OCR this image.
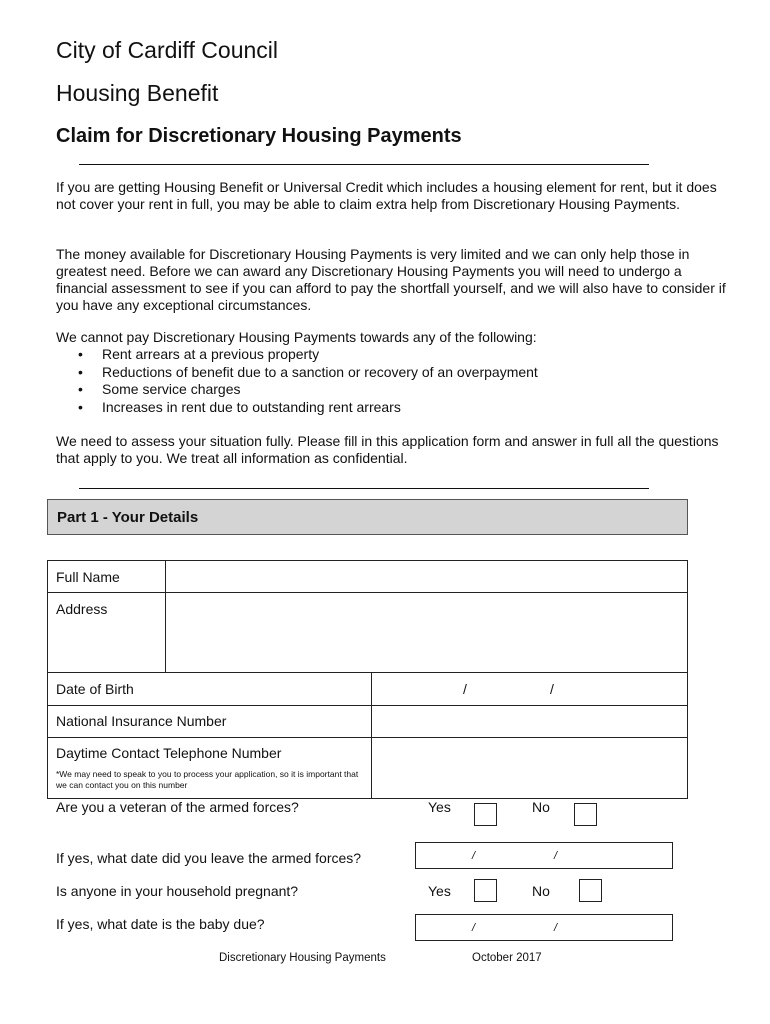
City of Cardiff Council
Housing Benefit
Claim for Discretionary Housing Payments

If you are getting Housing Benefit or Universal Credit which includes a housing element for rent, but it does not cover your rent in full, you may be able to claim extra help from Discretionary Housing Payments.

The money available for Discretionary Housing Payments is very limited and we can only help those in greatest need. Before we can award any Discretionary Housing Payments you will need to undergo a financial assessment to see if you can afford to pay the shortfall yourself, and we will also have to consider if you have any exceptional circumstances.

We cannot pay Discretionary Housing Payments towards any of the following:

• Rent arrears at a previous property
• Reductions of benefit due to a sanction or recovery of an overpayment
• Some service charges
• Increases in rent due to outstanding rent arrears

We need to assess your situation fully. Please fill in this application form and answer in full all the questions that apply to you. We treat all information as confidential.

Part 1 - Your Details
Full Name
Address
Date of Birth	/	/
National Insurance Number
Daytime Contact Telephone Number
*We may need to speak to you to process your application, so it is important that we can contact you on this number
Are you a veteran of the armed forces?	Yes	No
If yes, what date did you leave the armed forces?	/	/
Is anyone in your household pregnant?	Yes	No
If yes, what date is the baby due?	/	/
Discretionary Housing Payments	October 2017
